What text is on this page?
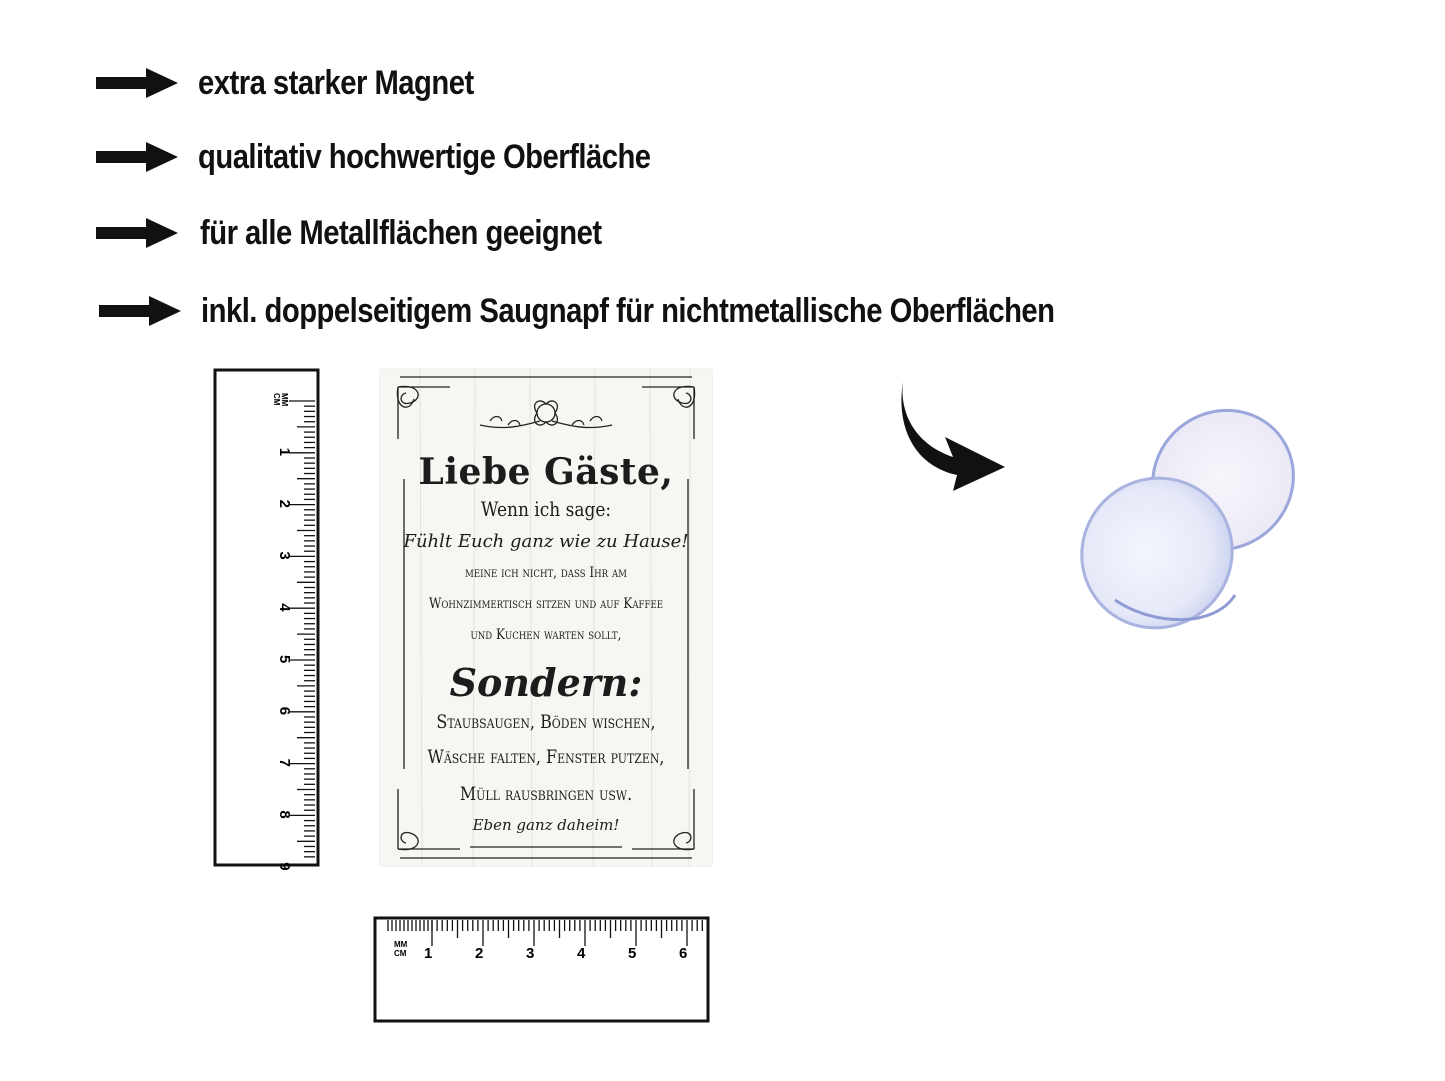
extra starker Magnet
qualitativ hochwertige Oberfläche
für alle Metallflächen geeignet
inkl. doppelseitigem Saugnapf für nichtmetallische Oberflächen
MM
CM
1
2
3
4
5
6
7
8
9
Liebe Gäste,
Wenn ich sage:
Fühlt Euch ganz wie zu Hause!
meine ich nicht, dass Ihr am
Wohnzimmertisch sitzen und auf Kaffee
und Kuchen warten sollt,
Sondern:
Staubsaugen, Böden wischen,
Wäsche falten, Fenster putzen,
Müll rausbringen usw.
Eben ganz daheim!
MM
CM 1	2	3	4	5	6
